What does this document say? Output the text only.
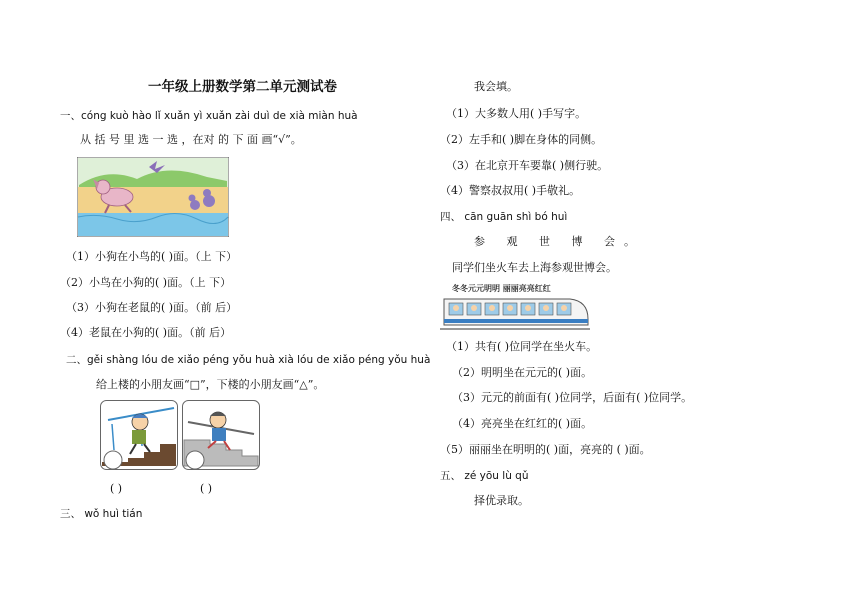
一年级上册数学第二单元测试卷
一、cóng kuò hào lǐ xuǎn yì xuǎn zài duì de xià miàn huà
从 括 号 里 选 一 选 ，在对 的 下 面 画“√”。
（1）小狗在小鸟的( )面。（上 下）
（2）小鸟在小狗的( )面。（上 下）
（3）小狗在老鼠的( )面。（前 后）
（4）老鼠在小狗的( )面。（前 后）
二、gěi shàng lóu de xiǎo péng yǒu huà xià lóu de xiǎo péng yǒu huà
给上楼的小朋友画“□”，下楼的小朋友画“△”。
( )	( )
三、 wǒ huì tián
我会填。
（1）大多数人用( )手写字。
（2）左手和( )脚在身体的同侧。
（3）在北京开车要靠( )侧行驶。
（4）警察叔叔用( )手敬礼。
四、 cān guān shì bó huì
参 观 世 博 会。
同学们坐火车去上海参观世博会。
冬冬元元明明 丽丽亮亮红红
（1）共有( )位同学在坐火车。
（2）明明坐在元元的( )面。
（3）元元的前面有( )位同学，后面有( )位同学。
（4）亮亮坐在红红的( )面。
（5）丽丽坐在明明的( )面，亮亮的 ( )面。
五、 zé yōu lù qǔ
择优录取。
